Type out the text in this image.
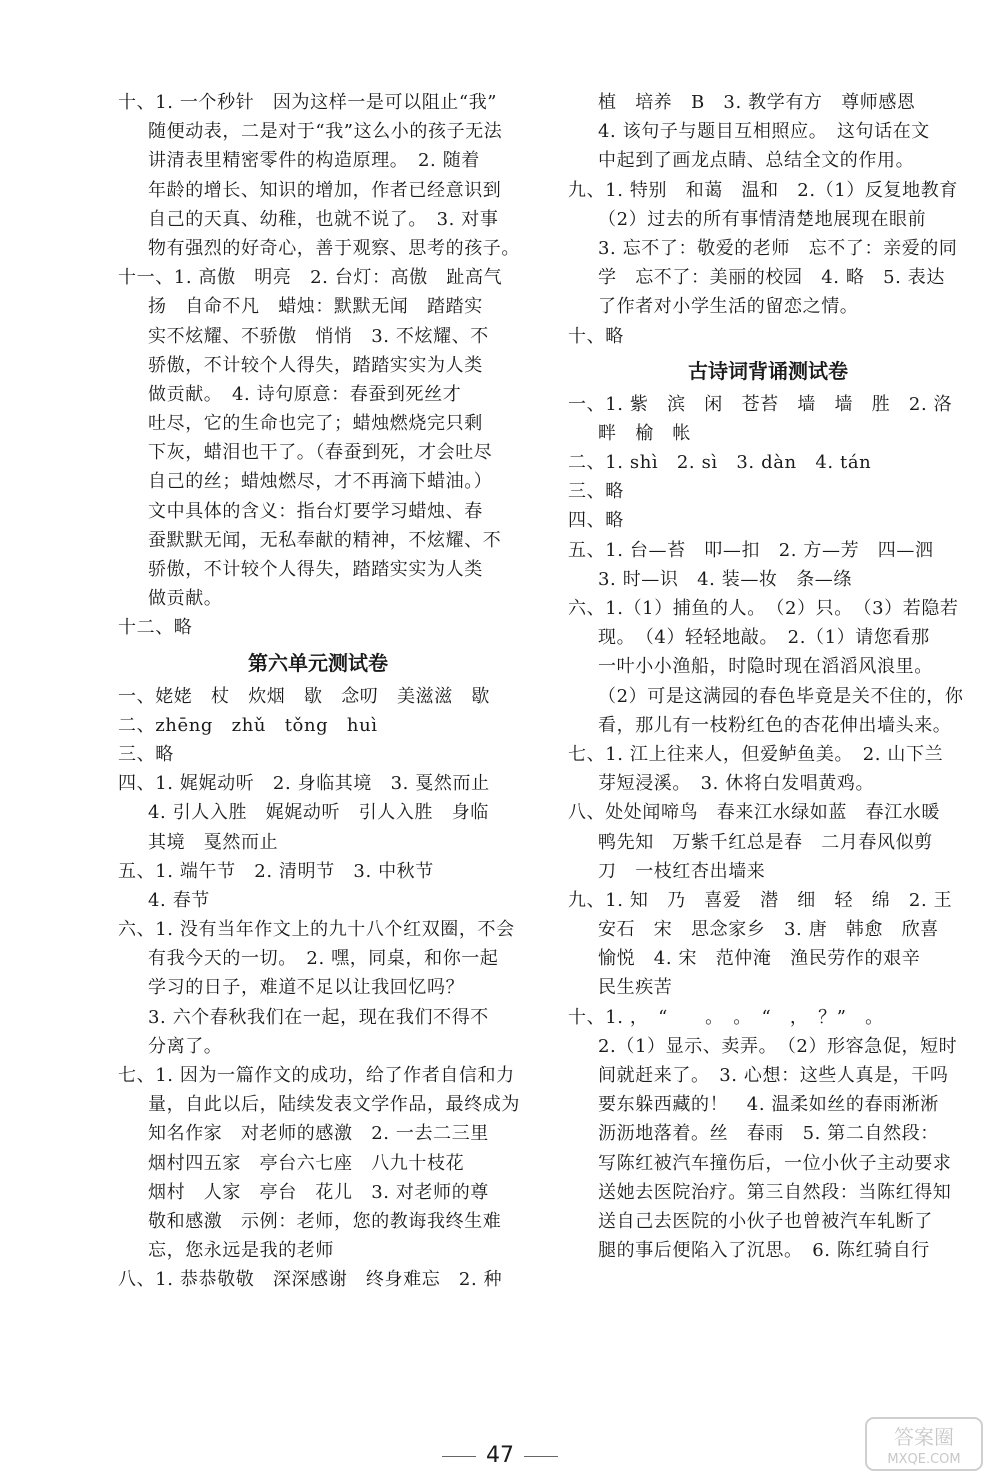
十、1. 一个秒针　因为这样一是可以阻止“我”
随便动表，二是对于“我”这么小的孩子无法
讲清表里精密零件的构造原理。　2. 随着
年龄的增长、知识的增加，作者已经意识到
自己的天真、幼稚，也就不说了。　3. 对事
物有强烈的好奇心，善于观察、思考的孩子。
十一、1. 高傲　明亮　2. 台灯：高傲　趾高气
扬　自命不凡　蜡烛：默默无闻　踏踏实
实不炫耀、不骄傲　悄悄　3. 不炫耀、不
骄傲，不计较个人得失，踏踏实实为人类
做贡献。　4. 诗句原意：春蚕到死丝才
吐尽，它的生命也完了；蜡烛燃烧完只剩
下灰，蜡泪也干了。（春蚕到死，才会吐尽
自己的丝；蜡烛燃尽，才不再滴下蜡油。）
文中具体的含义：指台灯要学习蜡烛、春
蚕默默无闻，无私奉献的精神，不炫耀、不
骄傲，不计较个人得失，踏踏实实为人类
做贡献。
十二、略
第六单元测试卷
一、姥姥　杖　炊烟　歇　念叨　美滋滋　歇
二、zhēng　zhǔ　tǒng　huì
三、略
四、1. 娓娓动听　2. 身临其境　3. 戛然而止
4. 引人入胜　娓娓动听　引人入胜　身临
其境　戛然而止
五、1. 端午节　2. 清明节　3. 中秋节
4. 春节
六、1. 没有当年作文上的九十八个红双圈，不会
有我今天的一切。　2. 嘿，同桌，和你一起
学习的日子，难道不足以让我回忆吗？
3. 六个春秋我们在一起，现在我们不得不
分离了。
七、1. 因为一篇作文的成功，给了作者自信和力
量，自此以后，陆续发表文学作品，最终成为
知名作家　对老师的感激　2. 一去二三里
烟村四五家　亭台六七座　八九十枝花
烟村　人家　亭台　花儿　3. 对老师的尊
敬和感激　示例：老师，您的教诲我终生难
忘，您永远是我的老师
八、1. 恭恭敬敬　深深感谢　终身难忘　2. 种
植　培养　B　3. 教学有方　尊师感恩
4. 该句子与题目互相照应。　这句话在文
中起到了画龙点睛、总结全文的作用。
九、1. 特别　和蔼　温和　2.（1）反复地教育
（2）过去的所有事情清楚地展现在眼前
3. 忘不了：敬爱的老师　忘不了：亲爱的同
学　忘不了：美丽的校园　4. 略　5. 表达
了作者对小学生活的留恋之情。
十、略
古诗词背诵测试卷
一、1. 紫　滨　闲　苍苔　墙　墙　胜　2. 洛
畔　榆　帐
二、1. shì　2. sì　3. dàn　4. tán
三、略
四、略
五、1. 台—苔　叩—扣　2. 方—芳　四—泗
3. 时—识　4. 装—妆　条—绦
六、1.（1）捕鱼的人。　（2）只。　（3）若隐若
现。　（4）轻轻地敲。　2.（1）请您看那
一叶小小渔船，时隐时现在滔滔风浪里。
（2）可是这满园的春色毕竟是关不住的，你
看，那儿有一枝粉红色的杏花伸出墙头来。
七、1. 江上往来人，但爱鲈鱼美。　2. 山下兰
芽短浸溪。　3. 休将白发唱黄鸡。
八、处处闻啼鸟　春来江水绿如蓝　春江水暖
鸭先知　万紫千红总是春　二月春风似剪
刀　一枝红杏出墙来
九、1. 知　乃　喜爱　潜　细　轻　绵　2. 王
安石　宋　思念家乡　3. 唐　韩愈　欣喜
愉悦　4. 宋　范仲淹　渔民劳作的艰辛
民生疾苦
十、1. ，　“　　。　。　“　，　？”　。
2.（1）显示、卖弄。　（2）形容急促，短时
间就赶来了。　3. 心想：这些人真是，干吗
要东躲西藏的！　4. 温柔如丝的春雨淅淅
沥沥地落着。丝　春雨　5. 第二自然段：
写陈红被汽车撞伤后，一位小伙子主动要求
送她去医院治疗。第三自然段：当陈红得知
送自己去医院的小伙子也曾被汽车轧断了
腿的事后便陷入了沉思。　6. 陈红骑自行
47
答案圈
MXQE.COM
